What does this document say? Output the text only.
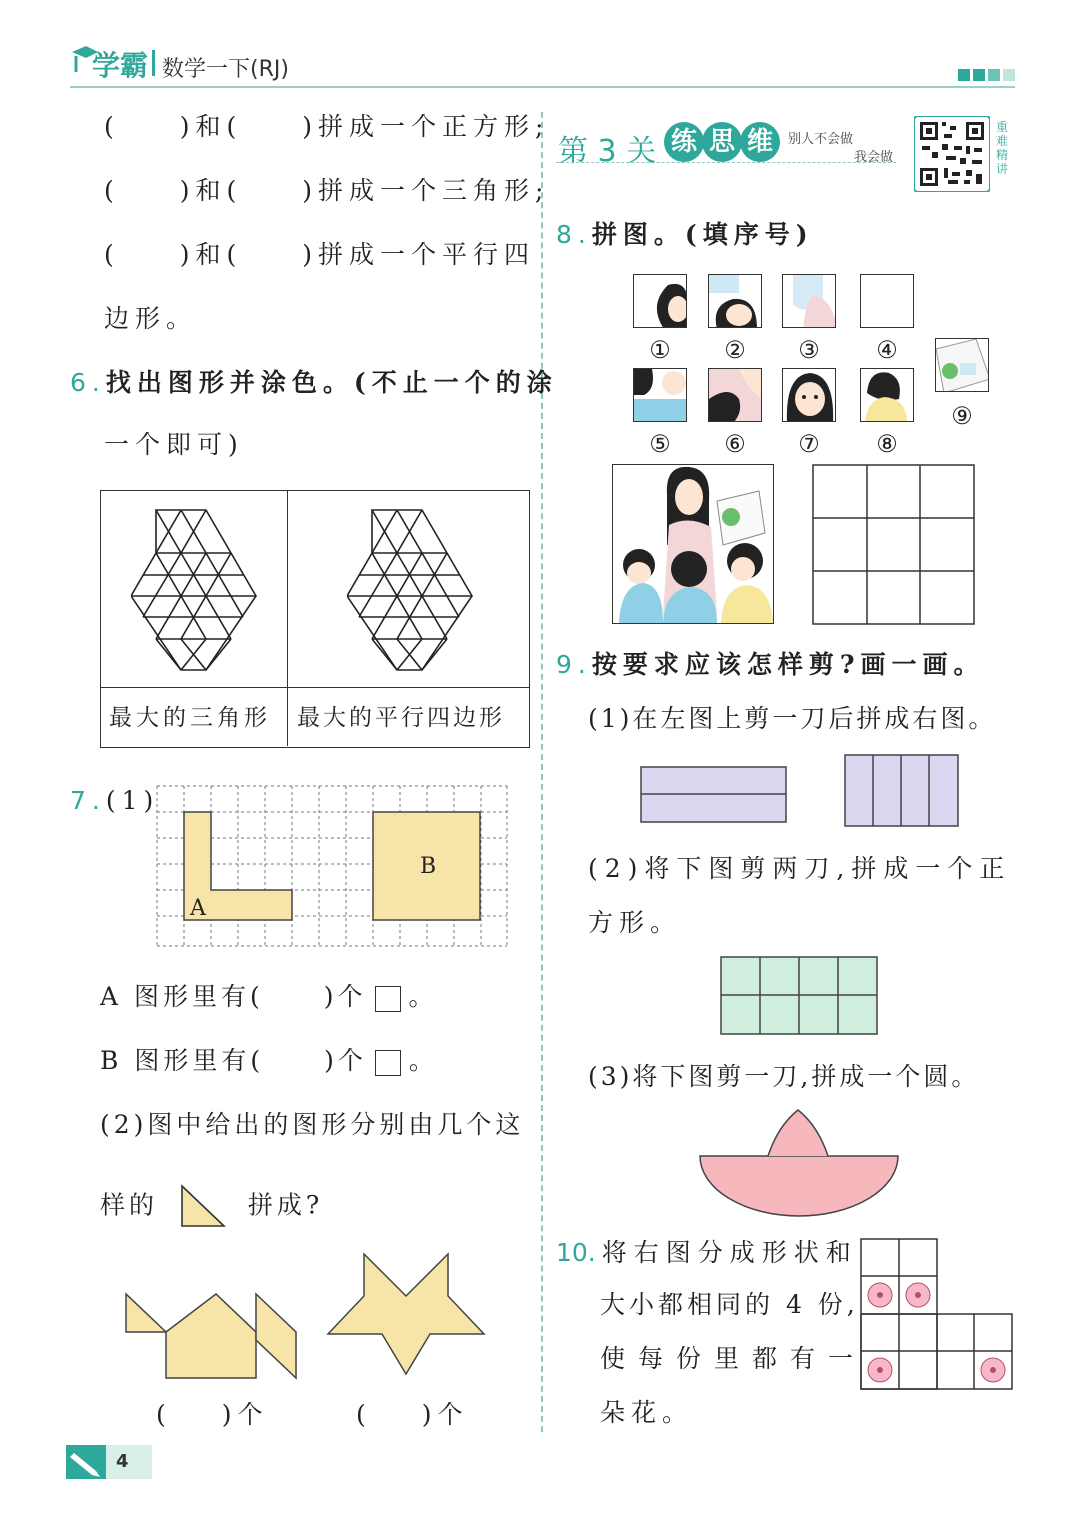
学霸 数学一下(RJ)
( )和( )拼成一个正方形;
( )和( )拼成一个三角形;
( )和( )拼成一个平行四
边形。
6.找出图形并涂色。(不止一个的涂
一个即可)
最大的三角形 最大的平行四边形
7.(1)
A
B
A 图形里有( )个 。
B 图形里有( )个 。
(2)图中给出的图形分别由几个这
样的	拼成?
( )个	( )个
第 3 关 练 思 维	别人不会做
我会做
重
难
精
讲
8.拼图。(填序号)
①	②	③	④
⑤	⑥	⑦	⑧
⑨
9.按要求应该怎样剪?画一画。
(1)在左图上剪一刀后拼成右图。
(2)将下图剪两刀,拼成一个正
方形。
(3)将下图剪一刀,拼成一个圆。
10. 将右图分成形状和
大小都相同的 4 份,
使每份里都有一
朵花。
4
